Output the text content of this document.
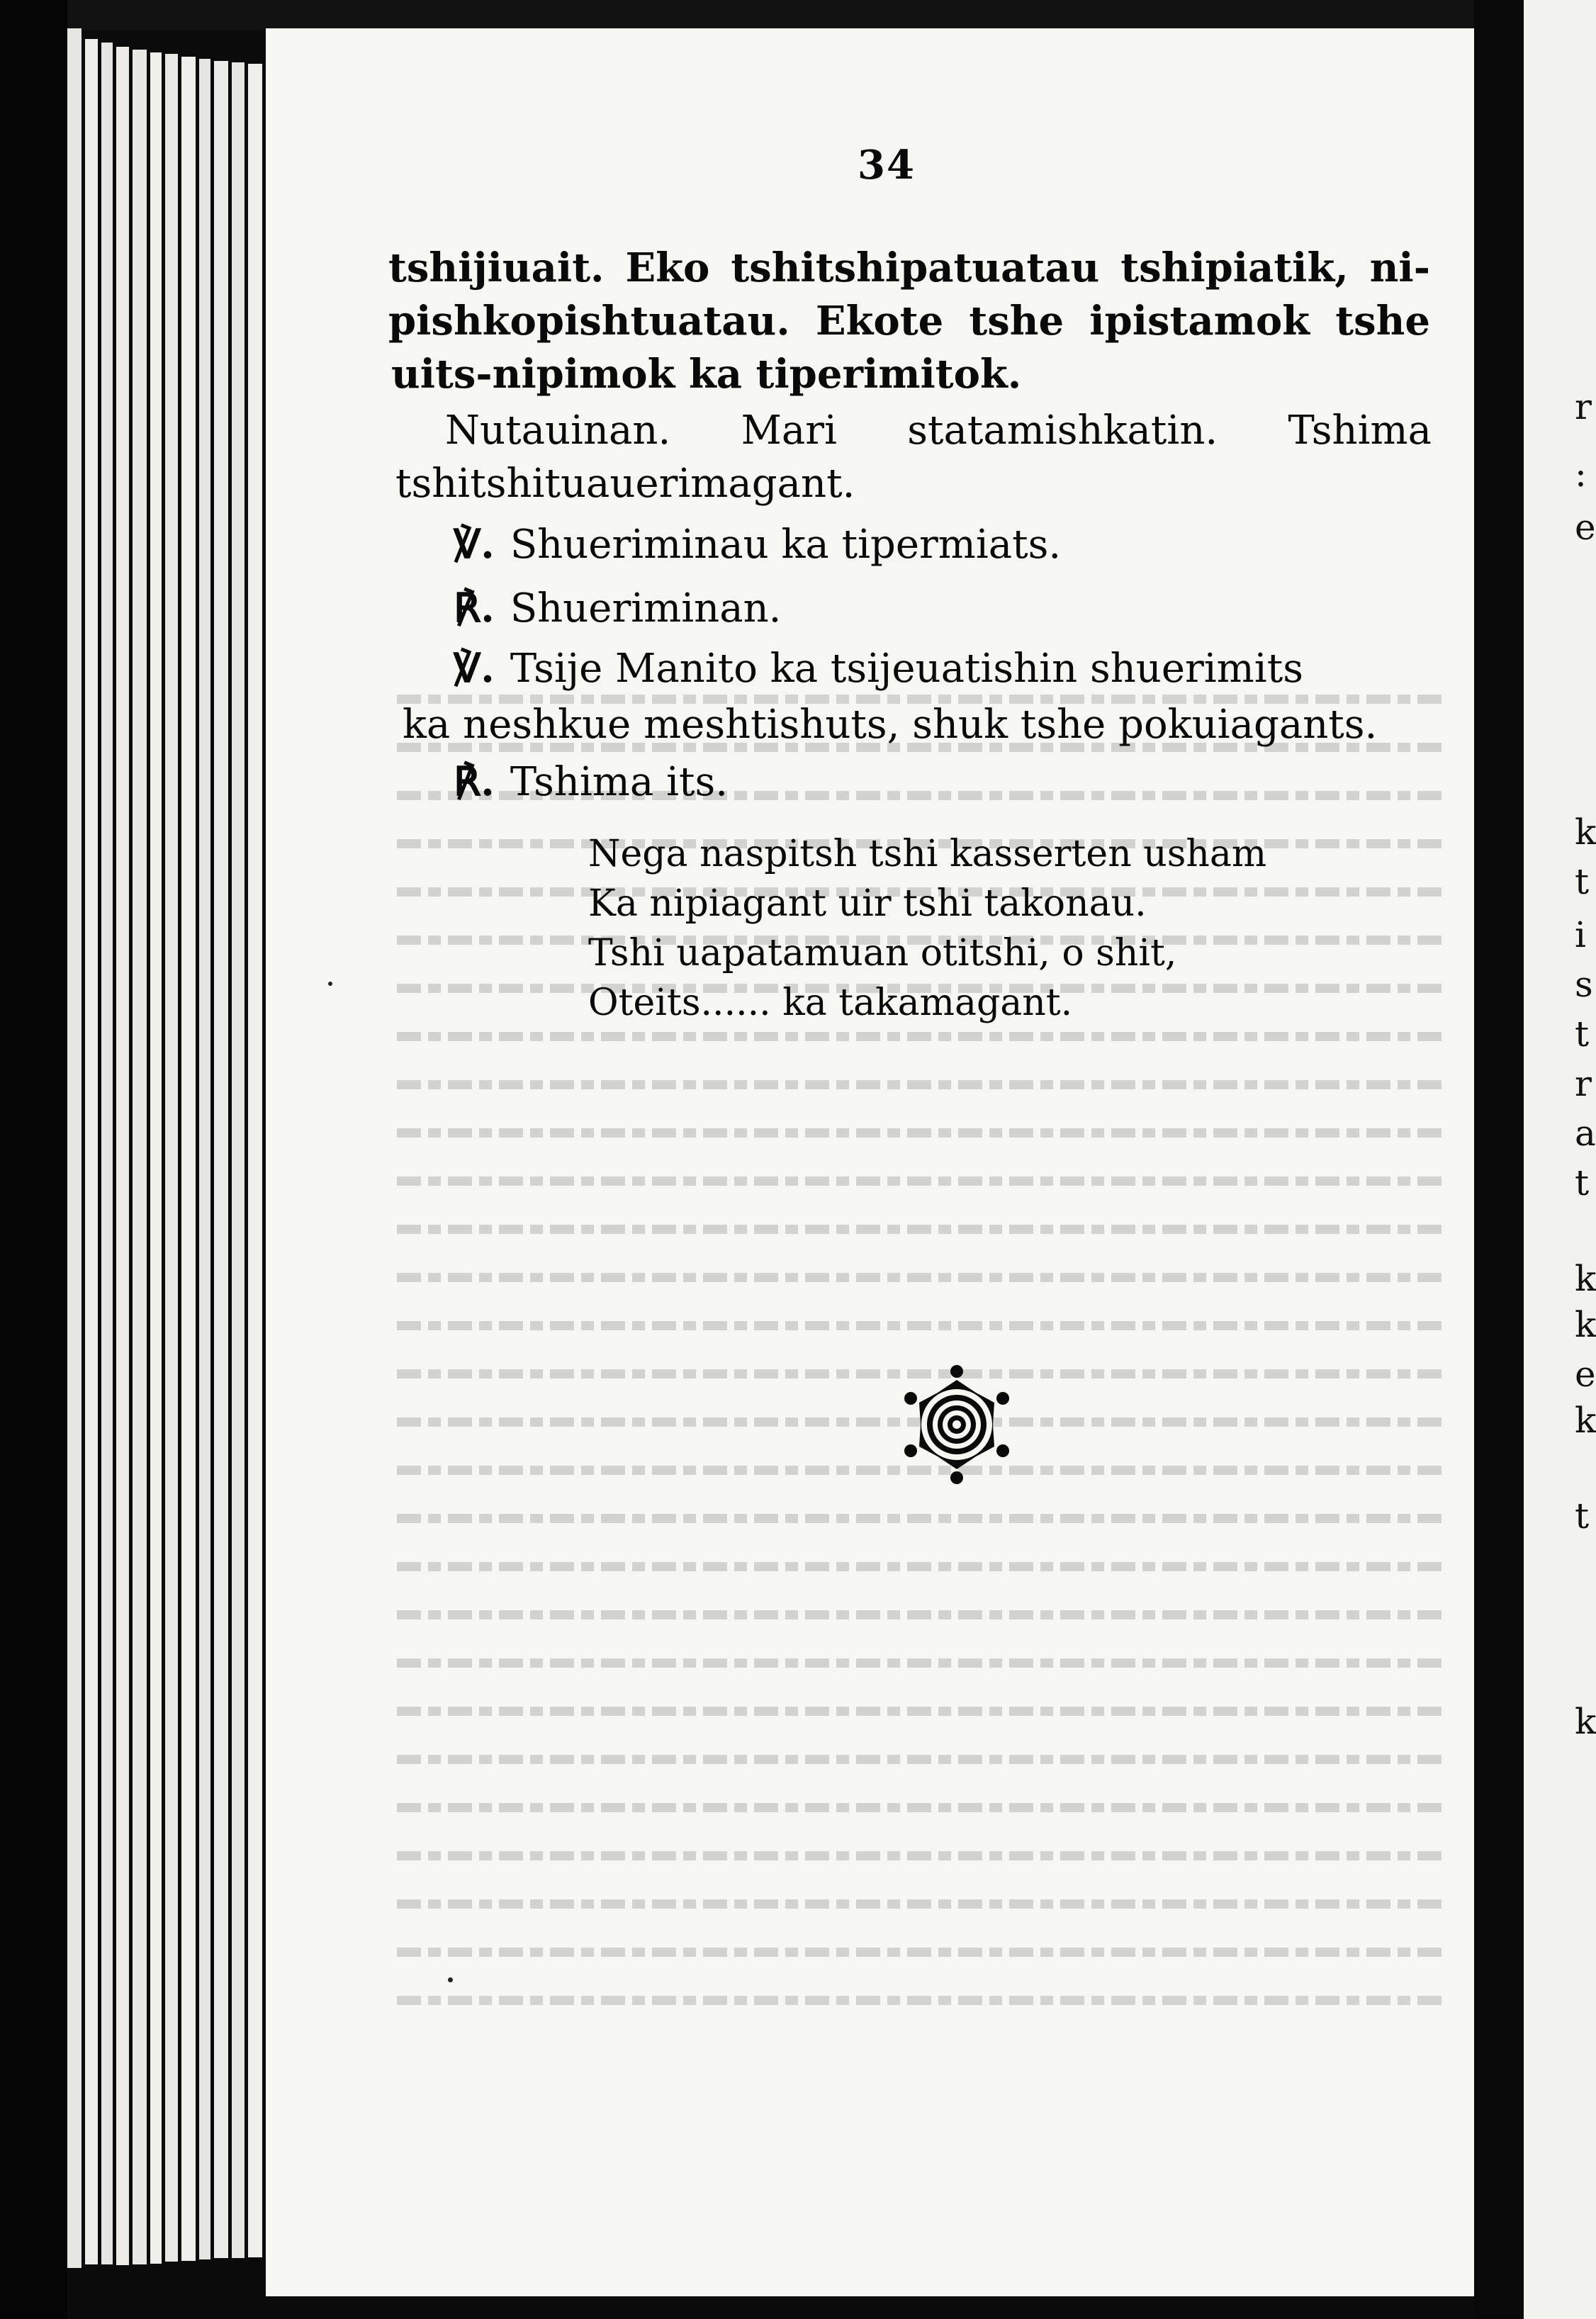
r
:
e
k
t
i
s
t
r
a
t
k
k
e
k
t
k
34
tshijiuait. Eko tshitshipatuatau tshipiatik, ni-
pishkopishtuatau. Ekote tshe ipistamok tshe
uits-nipimok ka tiperimitok.
Nutauinan. Mari statamishkatin. Tshima
tshitshituauerimagant.
℣. Shueriminau ka tipermiats.
℟. Shueriminan.
℣. Tsije Manito ka tsijeuatishin shuerimits
ka neshkue meshtishuts, shuk tshe pokuiagants.
℟. Tshima its.
Nega naspitsh tshi kasserten usham
Ka nipiagant uir tshi takonau.
Tshi uapatamuan otitshi, o shit,
Oteits...... ka takamagant.
